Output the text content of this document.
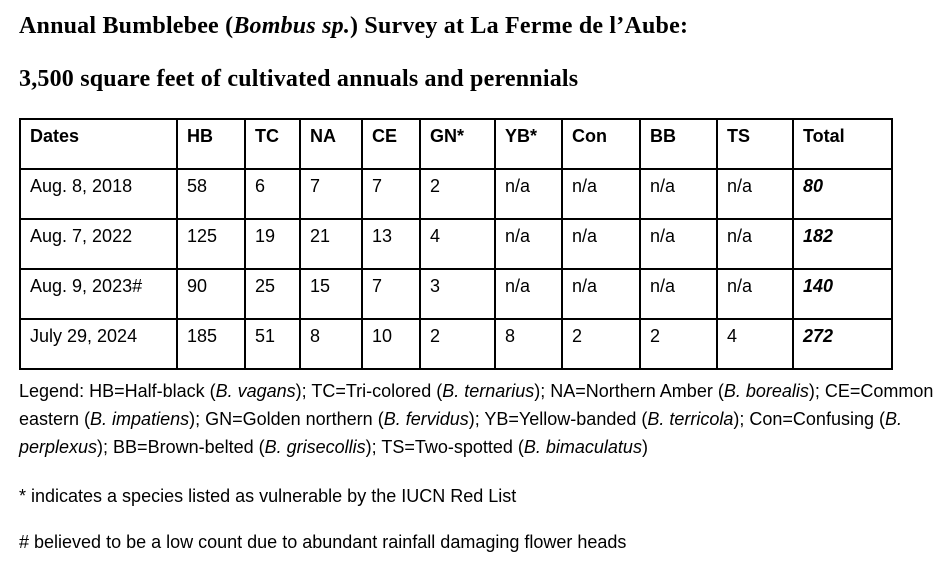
Annual Bumblebee (Bombus sp.) Survey at La Ferme de l’Aube:
3,500 square feet of cultivated annuals and perennials
Dates	HB	TC	NA	CE	GN*	YB*	Con	BB	TS	Total
Aug. 8, 2018	58	6	7	7	2	n/a	n/a	n/a	n/a	80
Aug. 7, 2022	125	19	21	13	4	n/a	n/a	n/a	n/a	182
Aug. 9, 2023#	90	25	15	7	3	n/a	n/a	n/a	n/a	140
July 29, 2024	185	51	8	10	2	8	2	2	4	272

Legend: HB=Half-black (B. vagans); TC=Tri-colored (B. ternarius); NA=Northern Amber (B. borealis); CE=Common eastern (B. impatiens); GN=Golden northern (B. fervidus); YB=Yellow-banded (B. terricola); Con=Confusing (B. perplexus); BB=Brown-belted (B. grisecollis); TS=Two-spotted (B. bimaculatus)

* indicates a species listed as vulnerable by the IUCN Red List

# believed to be a low count due to abundant rainfall damaging flower heads
